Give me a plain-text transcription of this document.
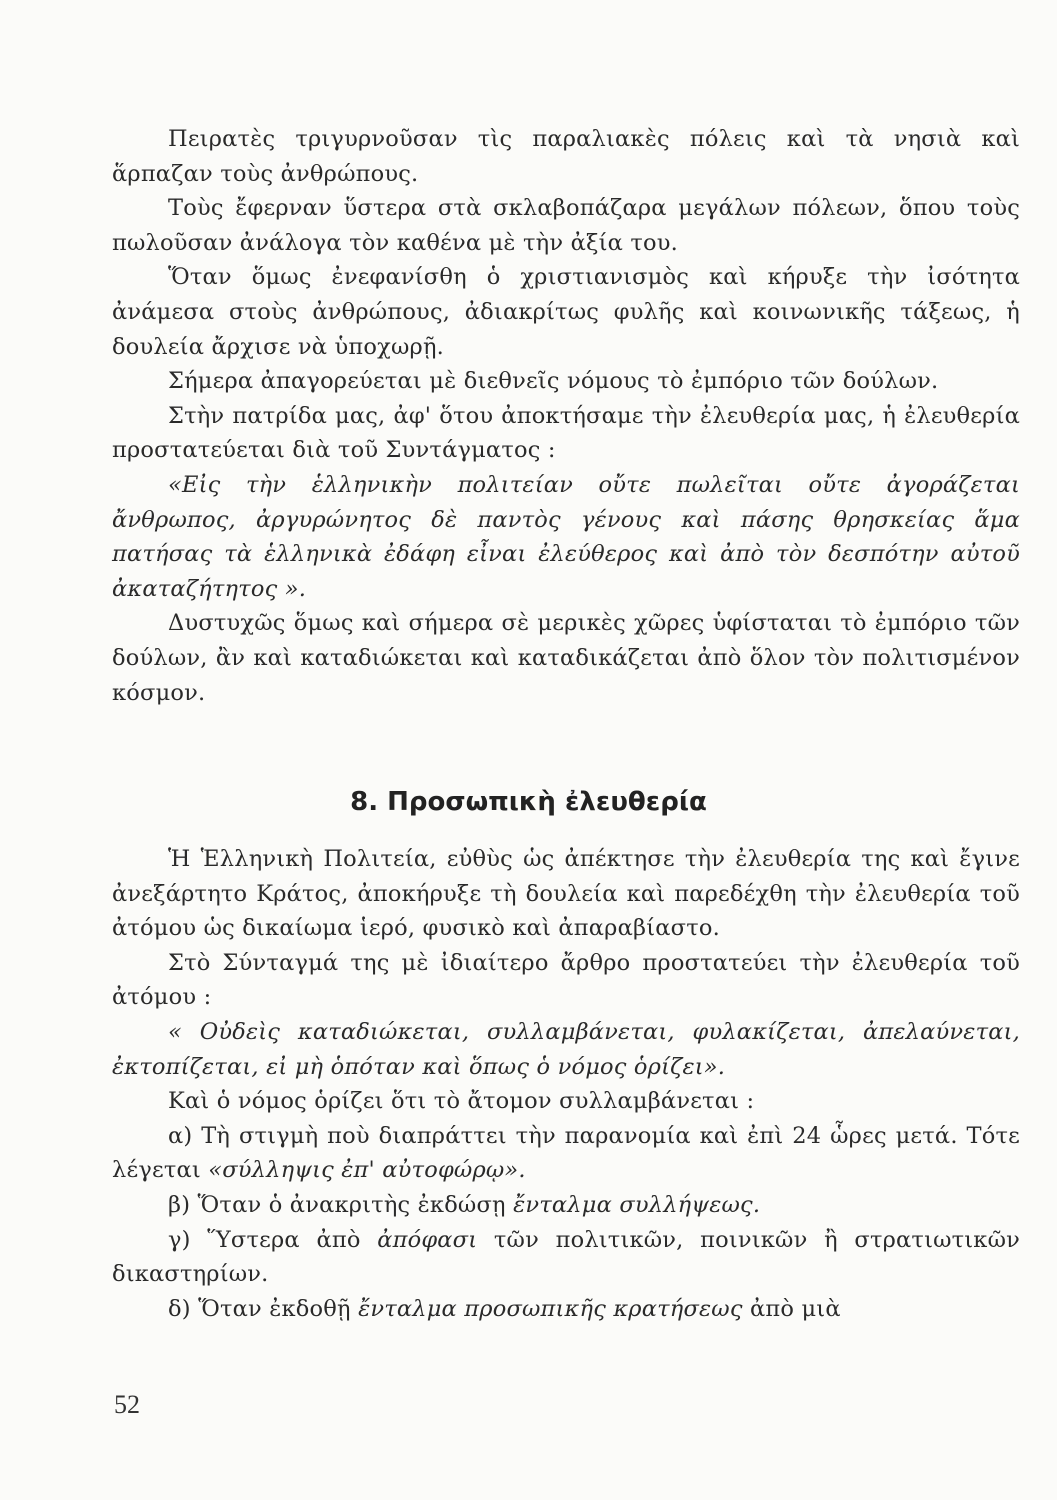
Πειρατὲς τριγυρνοῦσαν τὶς παραλιακὲς πόλεις καὶ τὰ νησιὰ καὶ ἅρπαζαν τοὺς ἀνθρώπους.

Τοὺς ἔφερναν ὕστερα στὰ σκλαβοπάζαρα μεγάλων πόλεων, ὅπου τοὺς πωλοῦσαν ἀνάλογα τὸν καθένα μὲ τὴν ἀξία του.

Ὅταν ὅμως ἐνεφανίσθη ὁ χριστιανισμὸς καὶ κήρυξε τὴν ἰσότητα ἀνάμεσα στοὺς ἀνθρώπους, ἀδιακρίτως φυλῆς καὶ κοινωνικῆς τάξεως, ἡ δουλεία ἄρχισε νὰ ὑποχωρῇ.

Σήμερα ἀπαγορεύεται μὲ διεθνεῖς νόμους τὸ ἐμπόριο τῶν δούλων.

Στὴν πατρίδα μας, ἀφ' ὅτου ἀποκτήσαμε τὴν ἐλευθερία μας, ἡ ἐλευθερία προστατεύεται διὰ τοῦ Συντάγματος :

«Εἰς τὴν ἑλληνικὴν πολιτείαν οὔτε πωλεῖται οὔτε ἀγοράζεται ἄνθρωπος, ἀργυρώνητος δὲ παντὸς γένους καὶ πάσης θρησκείας ἅμα πατήσας τὰ ἑλληνικὰ ἐδάφη εἶναι ἐλεύθερος καὶ ἀπὸ τὸν δεσπότην αὐτοῦ ἀκαταζήτητος ».

Δυστυχῶς ὅμως καὶ σήμερα σὲ μερικὲς χῶρες ὑφίσταται τὸ ἐμπόριο τῶν δούλων, ἂν καὶ καταδιώκεται καὶ καταδικάζεται ἀπὸ ὅλον τὸν πολιτισμένον κόσμον.

8. Προσωπικὴ ἐλευθερία

Ἡ Ἑλληνικὴ Πολιτεία, εὐθὺς ὡς ἀπέκτησε τὴν ἐλευθερία της καὶ ἔγινε ἀνεξάρτητο Κράτος, ἀποκήρυξε τὴ δουλεία καὶ παρεδέχθη τὴν ἐλευθερία τοῦ ἀτόμου ὡς δικαίωμα ἱερό, φυσικὸ καὶ ἀπαραβίαστο.

Στὸ Σύνταγμά της μὲ ἰδιαίτερο ἄρθρο προστατεύει τὴν ἐλευθερία τοῦ ἀτόμου :

« Οὐδεὶς καταδιώκεται, συλλαμβάνεται, φυλακίζεται, ἀπελαύνεται, ἐκτοπίζεται, εἰ μὴ ὁπόταν καὶ ὅπως ὁ νόμος ὁρίζει».

Καὶ ὁ νόμος ὁρίζει ὅτι τὸ ἄτομον συλλαμβάνεται :

α) Τὴ στιγμὴ ποὺ διαπράττει τὴν παρανομία καὶ ἐπὶ 24 ὧρες μετά. Τότε λέγεται «σύλληψις ἐπ' αὐτοφώρῳ».

β) Ὅταν ὁ ἀνακριτὴς ἐκδώσῃ ἔνταλμα συλλήψεως.

γ) Ὕστερα ἀπὸ ἀπόφασι τῶν πολιτικῶν, ποινικῶν ἢ στρατιωτικῶν δικαστηρίων.

δ) Ὅταν ἐκδοθῇ ἔνταλμα προσωπικῆς κρατήσεως ἀπὸ μιὰ

52
